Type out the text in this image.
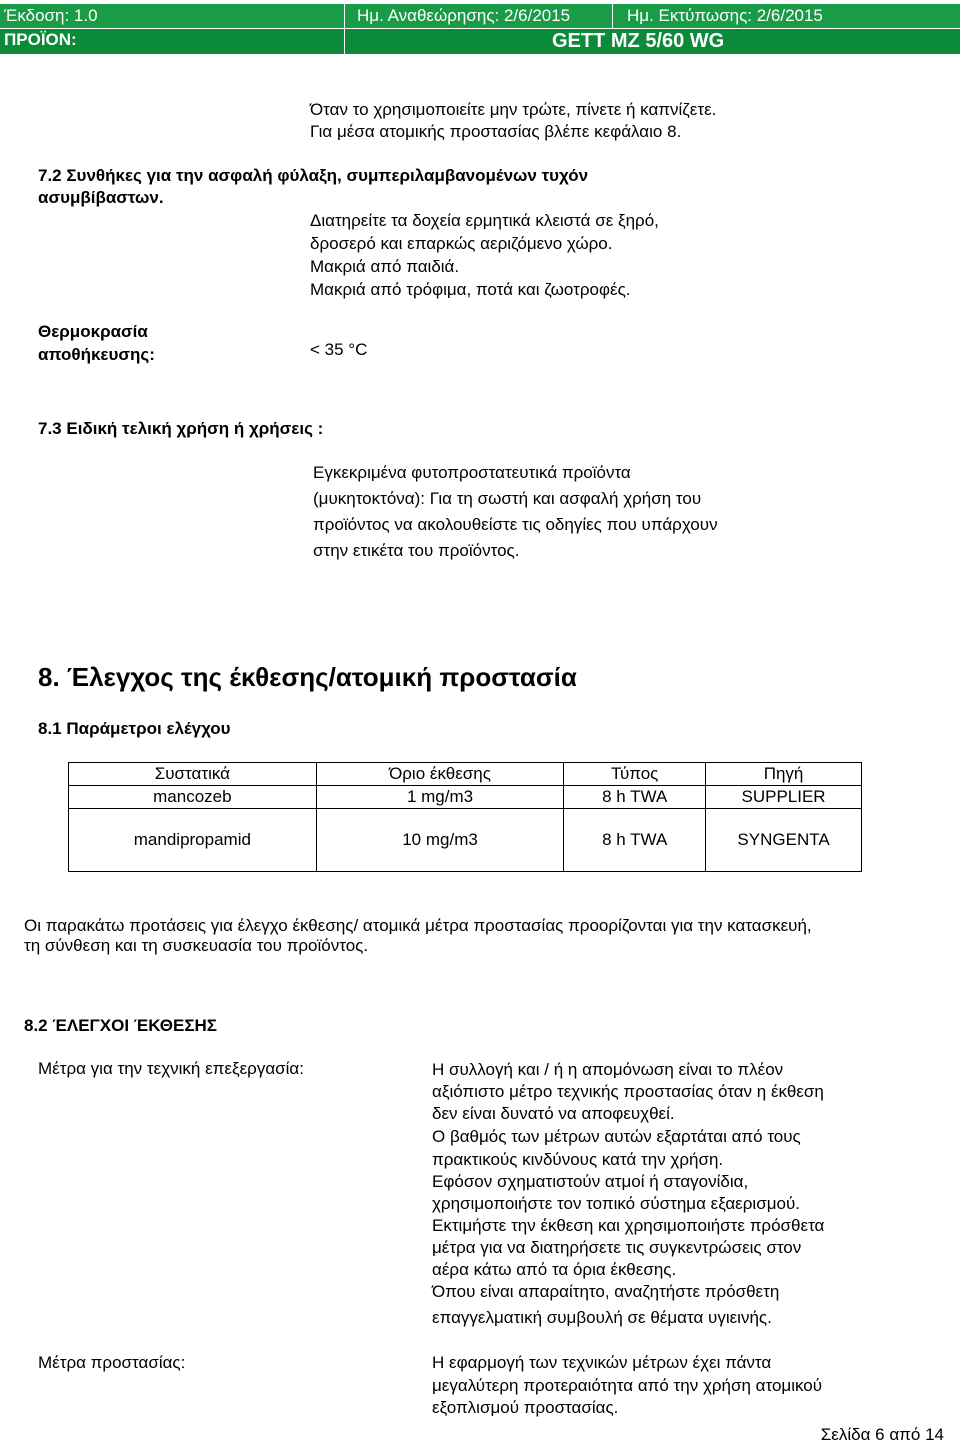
Έκδοση: 1.0	Ημ. Αναθεώρησης: 2/6/2015	Ημ. Εκτύπωσης: 2/6/2015
ΠΡΟΪΟΝ:	GETT MZ 5/60 WG
Όταν το χρησιμοποιείτε μην τρώτε, πίνετε ή καπνίζετε.
Για μέσα ατομικής προστασίας βλέπε κεφάλαιο 8.
7.2 Συνθήκες για την ασφαλή φύλαξη, συμπεριλαμβανομένων τυχόν
ασυμβίβαστων.
Διατηρείτε τα δοχεία ερμητικά κλειστά σε ξηρό,
δροσερό και επαρκώς αεριζόμενο χώρο.
Μακριά από παιδιά.
Μακριά από τρόφιμα, ποτά και ζωοτροφές.
Θερμοκρασία
αποθήκευσης:	< 35 °C
7.3 Ειδική τελική χρήση ή χρήσεις :
Εγκεκριμένα φυτοπροστατευτικά προϊόντα
(μυκητοκτόνα): Για τη σωστή και ασφαλή χρήση του
προϊόντος να ακολουθείστε τις οδηγίες που υπάρχουν
στην ετικέτα του προϊόντος.
8. Έλεγχος της έκθεσης/ατομική προστασία
8.1 Παράμετροι ελέγχου
Συστατικά	Όριο έκθεσης	Τύπος	Πηγή
mancozeb	1 mg/m3	8 h TWA	SUPPLIER
mandipropamid	10 mg/m3	8 h TWA	SYNGENTA
Οι παρακάτω προτάσεις για έλεγχο έκθεσης/ ατομικά μέτρα προστασίας προορίζονται για την κατασκευή,
τη σύνθεση και τη συσκευασία του προϊόντος.
8.2 ΈΛΕΓΧΟΙ ΈΚΘΕΣΗΣ
Μέτρα για την τεχνική επεξεργασία:	Η συλλογή και / ή η απομόνωση είναι το πλέον
αξιόπιστο μέτρο τεχνικής προστασίας όταν η έκθεση
δεν είναι δυνατό να αποφευχθεί.
Ο βαθμός των μέτρων αυτών εξαρτάται από τους
πρακτικούς κινδύνους κατά την χρήση.
Εφόσον σχηματιστούν ατμοί ή σταγονίδια,
χρησιμοποιήστε τον τοπικό σύστημα εξαερισμού.
Εκτιμήστε την έκθεση και χρησιμοποιήστε πρόσθετα
μέτρα για να διατηρήσετε τις συγκεντρώσεις στον
αέρα κάτω από τα όρια έκθεσης.
Όπου είναι απαραίτητο, αναζητήστε πρόσθετη
επαγγελματική συμβουλή σε θέματα υγιεινής.
Μέτρα προστασίας:	Η εφαρμογή των τεχνικών μέτρων έχει πάντα
μεγαλύτερη προτεραιότητα από την χρήση ατομικού
εξοπλισμού προστασίας.
Σελίδα 6 από 14
